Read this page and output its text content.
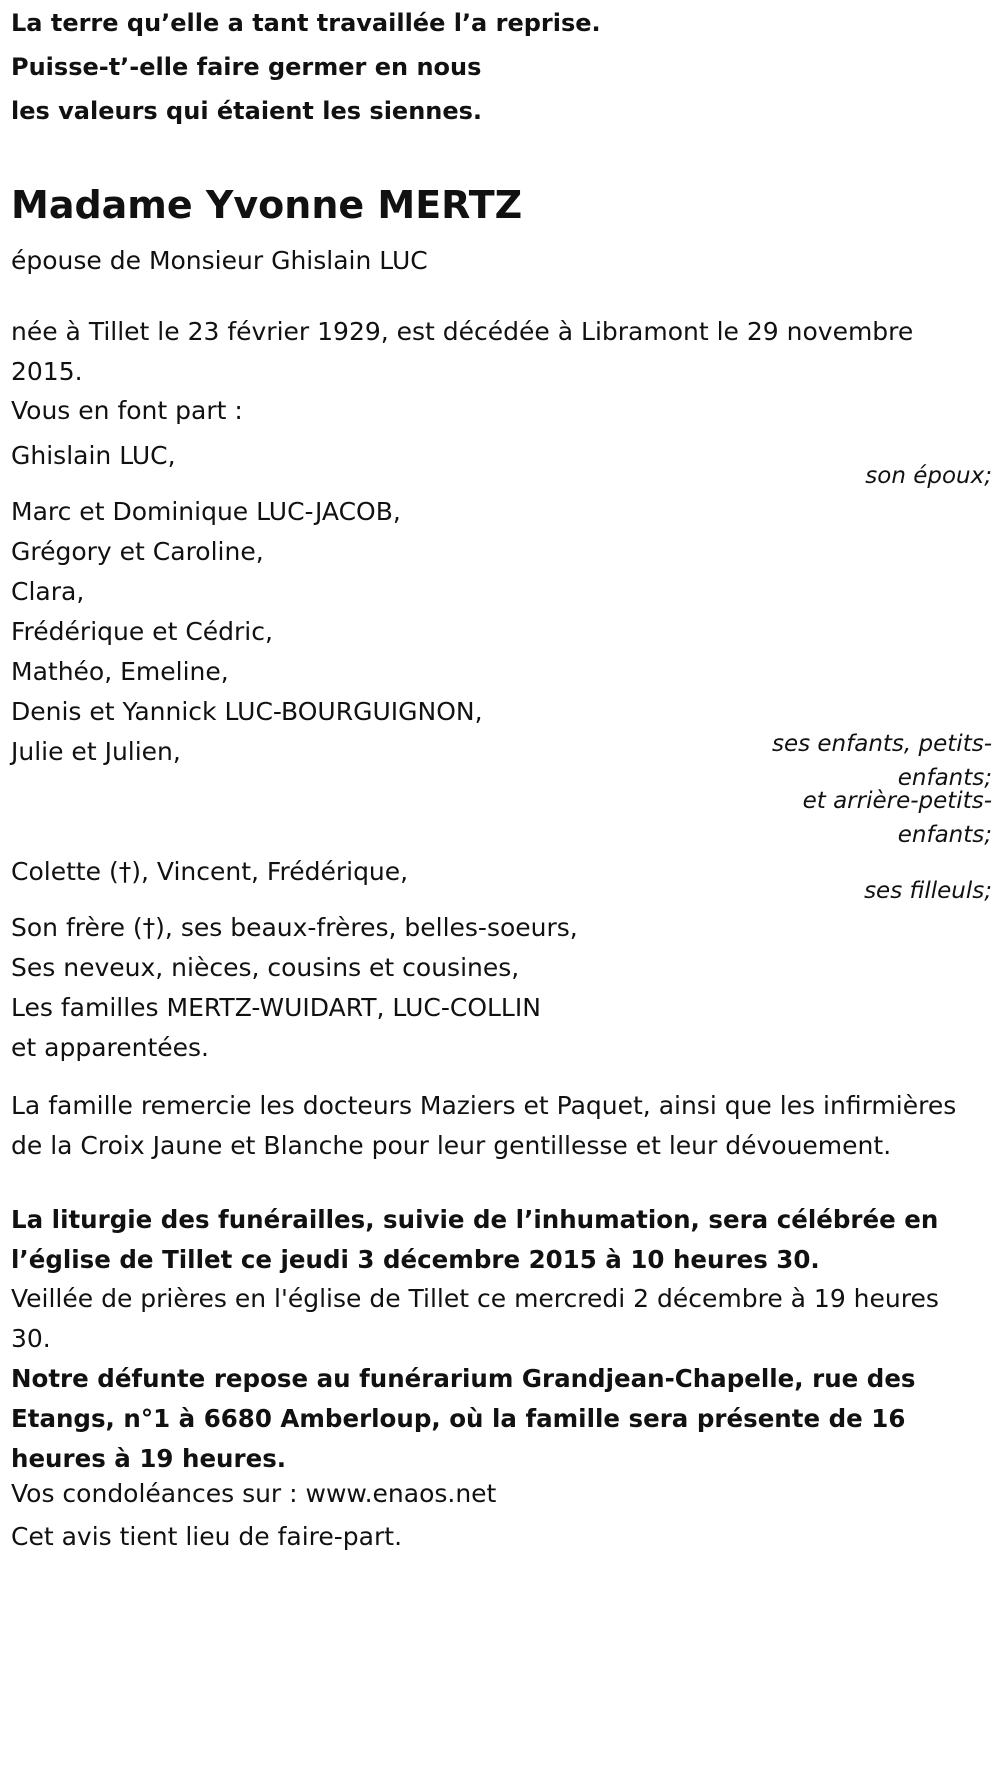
La terre qu’elle a tant travaillée l’a reprise.

Puisse-t’-elle faire germer en nous

les valeurs qui étaient les siennes.

Madame Yvonne MERTZ

épouse de Monsieur Ghislain LUC

née à Tillet le 23 février 1929, est décédée à Libramont le 29 novembre 2015.

Vous en font part :

Ghislain LUC,

son époux;

Marc et Dominique LUC-JACOB,
Grégory et Caroline,
Clara,
Frédérique et Cédric,
Mathéo, Emeline,
Denis et Yannick LUC-BOURGUIGNON,
Julie et Julien,	ses enfants, petits-

enfants;

et arrière-petits-

enfants;

Colette (†), Vincent, Frédérique,

ses filleuls;

Son frère (†), ses beaux-frères, belles-soeurs,
Ses neveux, nièces, cousins et cousines,
Les familles MERTZ-WUIDART, LUC-COLLIN
et apparentées.

La famille remercie les docteurs Maziers et Paquet, ainsi que les infirmières de la Croix Jaune et Blanche pour leur gentillesse et leur dévouement.

La liturgie des funérailles, suivie de l’inhumation, sera célébrée en l’église de Tillet ce jeudi 3 décembre 2015 à 10 heures 30.

Veillée de prières en l'église de Tillet ce mercredi 2 décembre à 19 heures 30.

Notre défunte repose au funérarium Grandjean-Chapelle, rue des Etangs, n°1 à 6680 Amberloup, où la famille sera présente de 16 heures à 19 heures.

Vos condoléances sur : www.enaos.net

Cet avis tient lieu de faire-part.
